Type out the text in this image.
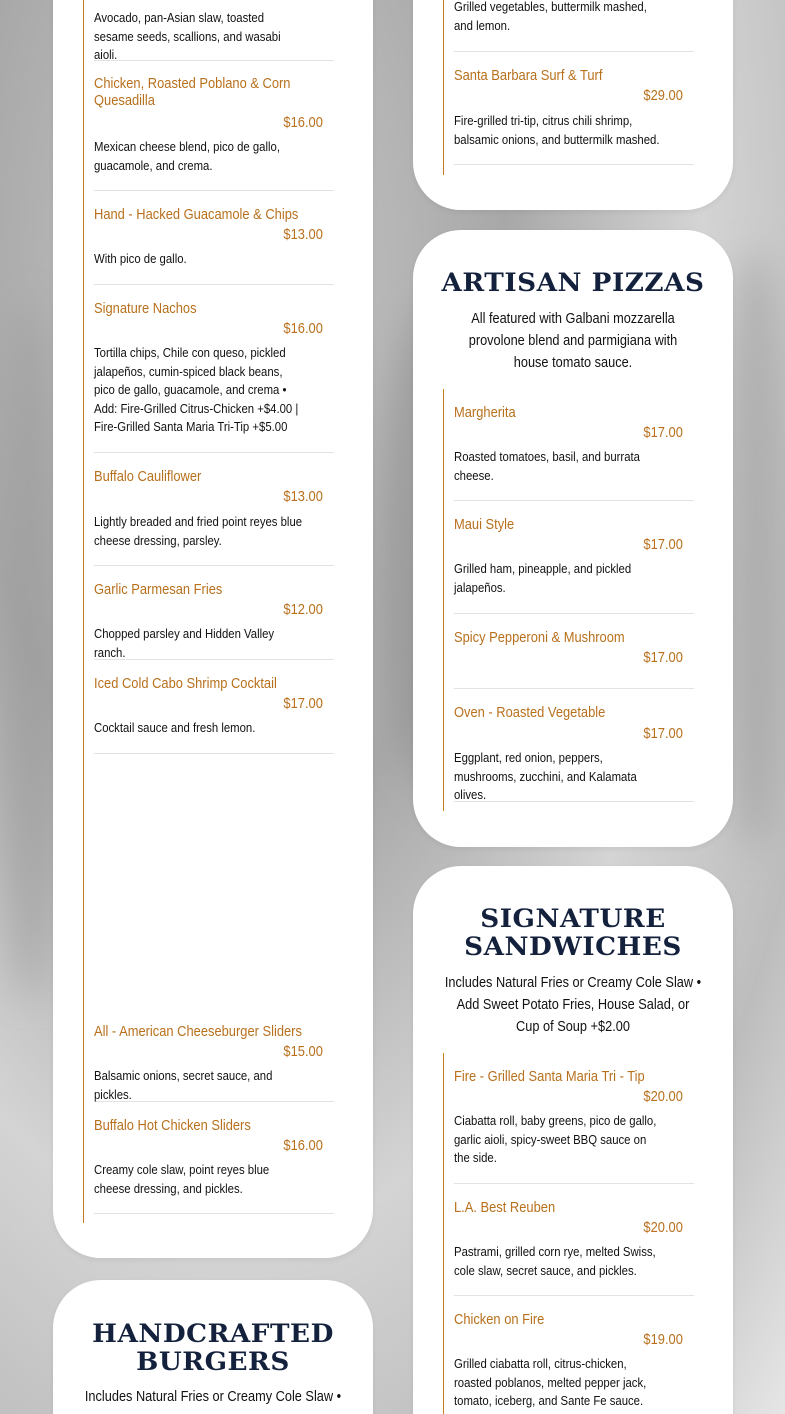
Avocado, pan-Asian slaw, toasted sesame seeds, scallions, and wasabi aioli.
Chicken, Roasted Poblano & Corn Quesadilla
$16.00
Mexican cheese blend, pico de gallo, guacamole, and crema.
Hand - Hacked Guacamole & Chips
$13.00
With pico de gallo.
Signature Nachos
$16.00
Tortilla chips, Chile con queso, pickled jalapeños, cumin-spiced black beans, pico de gallo, guacamole, and crema • Add: Fire-Grilled Citrus-Chicken +$4.00 | Fire-Grilled Santa Maria Tri-Tip +$5.00
Buffalo Cauliflower
$13.00
Lightly breaded and fried point reyes blue cheese dressing, parsley.
Garlic Parmesan Fries
$12.00
Chopped parsley and Hidden Valley ranch.
Iced Cold Cabo Shrimp Cocktail
$17.00
Cocktail sauce and fresh lemon.
All - American Cheeseburger Sliders
$15.00
Balsamic onions, secret sauce, and pickles.
Buffalo Hot Chicken Sliders
$16.00
Creamy cole slaw, point reyes blue cheese dressing, and pickles.
HANDCRAFTED
BURGERS
Includes Natural Fries or Creamy Cole Slaw •
Grilled vegetables, buttermilk mashed, and lemon.
Santa Barbara Surf & Turf
$29.00
Fire-grilled tri-tip, citrus chili shrimp, balsamic onions, and buttermilk mashed.
ARTISAN PIZZAS
All featured with Galbani mozzarella provolone blend and parmigiana with house tomato sauce.
Margherita
$17.00
Roasted tomatoes, basil, and burrata cheese.
Maui Style
$17.00
Grilled ham, pineapple, and pickled jalapeños.
Spicy Pepperoni & Mushroom
$17.00
Oven - Roasted Vegetable
$17.00
Eggplant, red onion, peppers, mushrooms, zucchini, and Kalamata olives.
SIGNATURE
SANDWICHES
Includes Natural Fries or Creamy Cole Slaw • Add Sweet Potato Fries, House Salad, or Cup of Soup +$2.00
Fire - Grilled Santa Maria Tri - Tip
$20.00
Ciabatta roll, baby greens, pico de gallo, garlic aioli, spicy-sweet BBQ sauce on the side.
L.A. Best Reuben
$20.00
Pastrami, grilled corn rye, melted Swiss, cole slaw, secret sauce, and pickles.
Chicken on Fire
$19.00
Grilled ciabatta roll, citrus-chicken, roasted poblanos, melted pepper jack, tomato, iceberg, and Sante Fe sauce.
